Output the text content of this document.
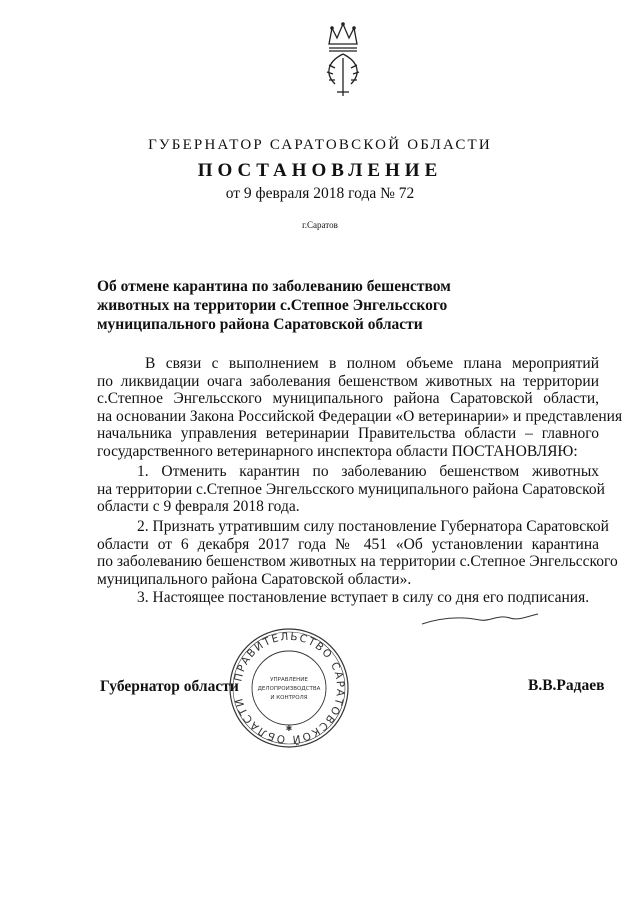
ГУБЕРНАТОР САРАТОВСКОЙ ОБЛАСТИ
ПОСТАНОВЛЕНИЕ
от 9 февраля 2018 года № 72
г.Саратов
Об отмене карантина по заболеванию бешенством
животных на территории с.Степное Энгельсского
муниципального района Саратовской области
В связи с выполнением в полном объеме плана мероприятий
по ликвидации очага заболевания бешенством животных на территории
с.Степное Энгельсского муниципального района Саратовской области,
на основании Закона Российской Федерации «О ветеринарии» и представления
начальника управления ветеринарии Правительства области – главного
государственного ветеринарного инспектора области ПОСТАНОВЛЯЮ:
1. Отменить карантин по заболеванию бешенством животных
на территории с.Степное Энгельсского муниципального района Саратовской
области с 9 февраля 2018 года.
2. Признать утратившим силу постановление Губернатора Саратовской
области от 6 декабря 2017 года № 451 «Об установлении карантина
по заболеванию бешенством животных на территории с.Степное Энгельсского
муниципального района Саратовской области».
3. Настоящее постановление вступает в силу со дня его подписания.
Губернатор области	В.В.Радаев
ПРАВИТЕЛЬСТВО САРАТОВСКОЙ ОБЛАСТИ
УПРАВЛЕНИЕ
ДЕЛОПРОИЗВОДСТВА
И КОНТРОЛЯ
✱
